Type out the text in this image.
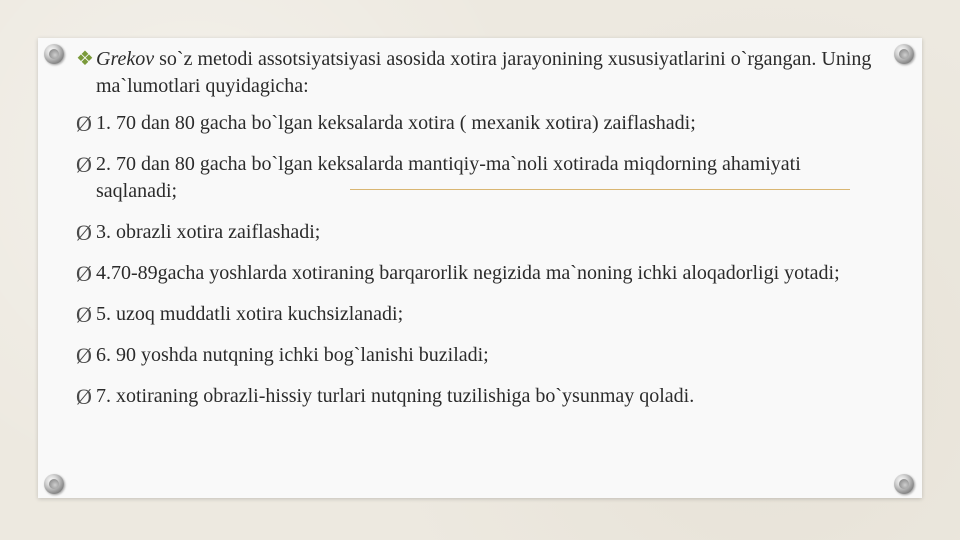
❖ Grekov so`z metodi assotsiyatsiyasi asosida xotira jarayonining xususiyatlarini o`rgangan. Uning ma`lumotlari quyidagicha:
Ø 1. 70 dan 80 gacha bo`lgan keksalarda xotira ( mexanik xotira) zaiflashadi;
Ø 2. 70 dan 80 gacha bo`lgan keksalarda mantiqiy-ma`noli xotirada miqdorning ahamiyati saqlanadi;
Ø 3. obrazli xotira zaiflashadi;
Ø 4.70-89gacha yoshlarda xotiraning barqarorlik negizida ma`noning ichki aloqadorligi yotadi;
Ø 5. uzoq muddatli xotira kuchsizlanadi;
Ø 6. 90 yoshda nutqning ichki bog`lanishi buziladi;
Ø 7. xotiraning obrazli-hissiy turlari nutqning tuzilishiga bo`ysunmay qoladi.
